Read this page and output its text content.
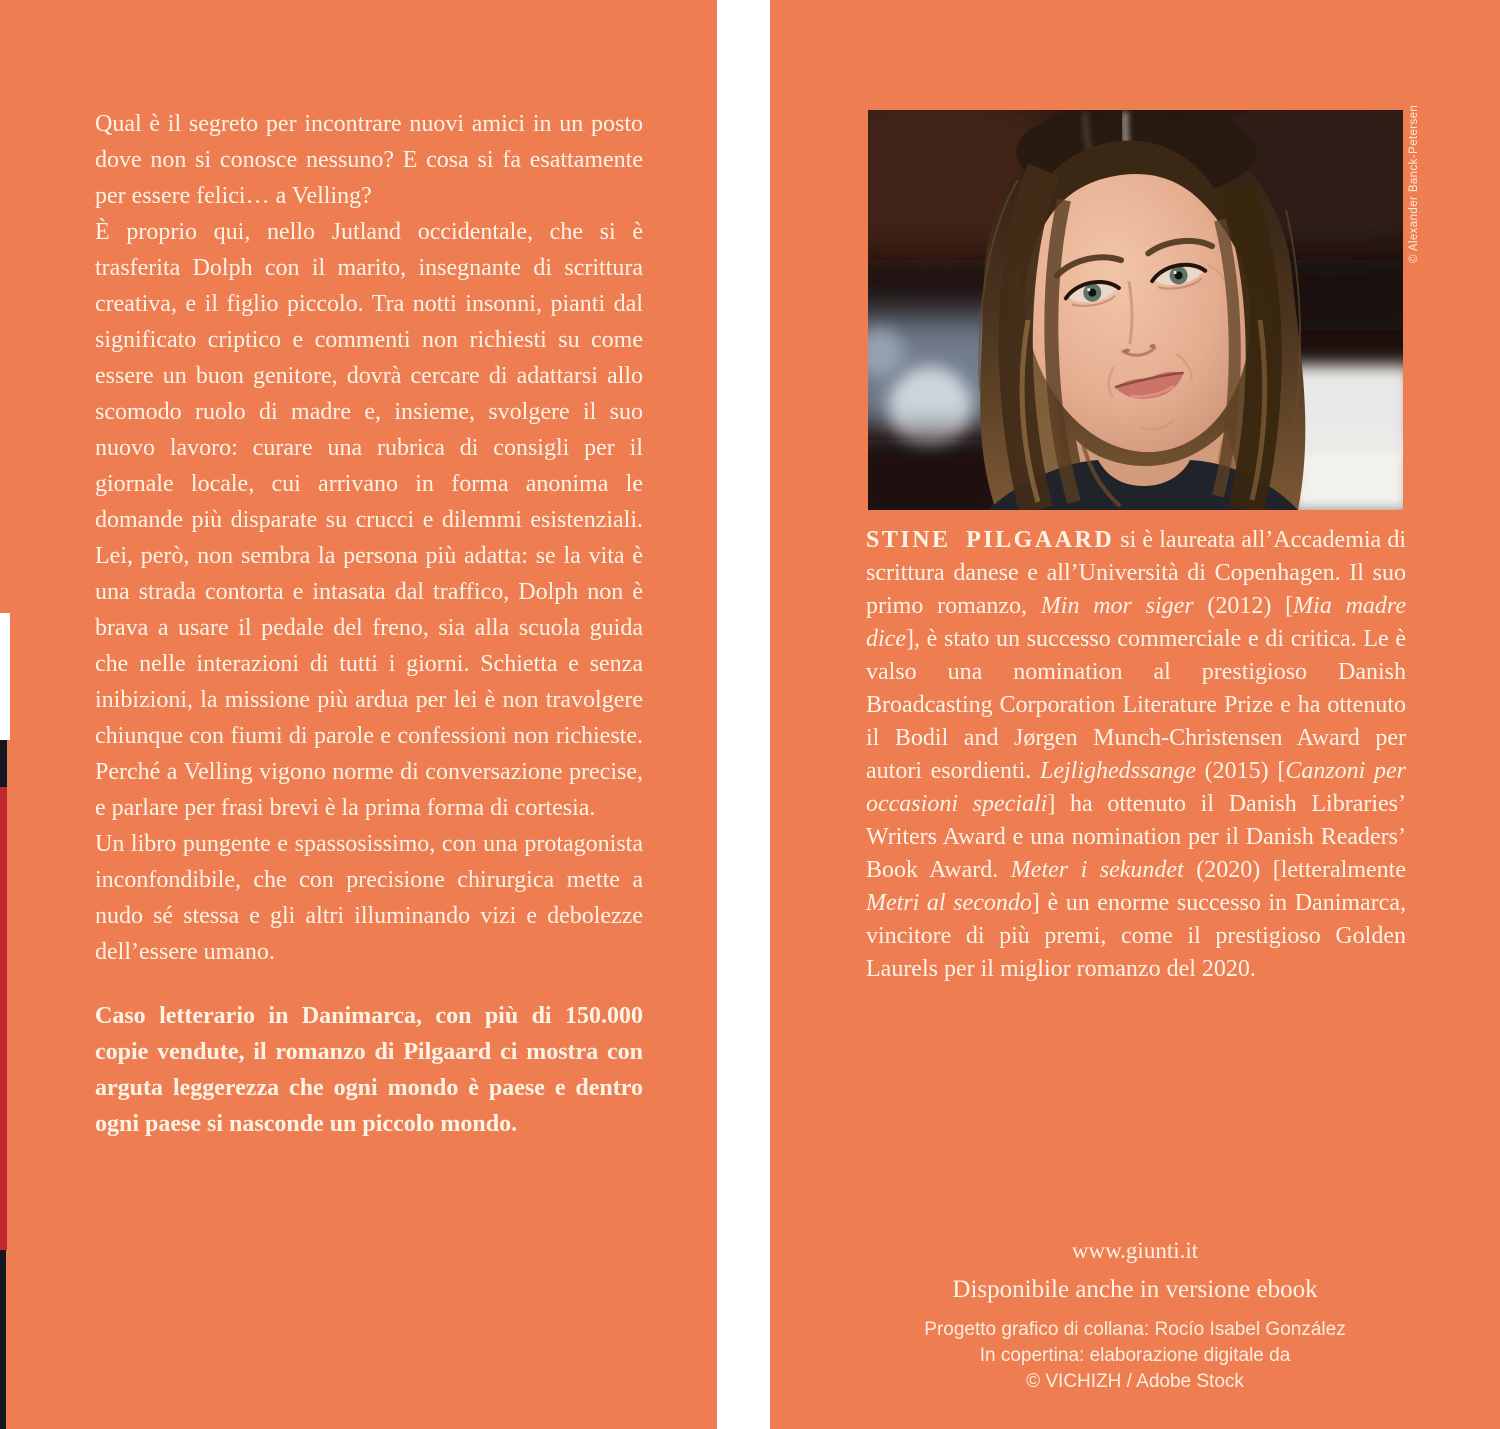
Qual è il segreto per incontrare nuovi amici in un posto dove non si conosce nessuno? E cosa si fa esattamente per essere felici… a Velling?

È proprio qui, nello Jutland occidentale, che si è trasferita Dolph con il marito, insegnante di scrittura creativa, e il figlio piccolo. Tra notti insonni, pianti dal significato criptico e commenti non richiesti su come essere un buon genitore, dovrà cercare di adattarsi allo scomodo ruolo di madre e, insieme, svolgere il suo nuovo lavoro: curare una rubrica di consigli per il giornale locale, cui arrivano in forma anonima le domande più disparate su crucci e dilemmi esistenziali. Lei, però, non sembra la persona più adatta: se la vita è una strada contorta e intasata dal traffico, Dolph non è brava a usare il pedale del freno, sia alla scuola guida che nelle interazioni di tutti i giorni. Schietta e senza inibizioni, la missione più ardua per lei è non travolgere chiunque con fiumi di parole e confessioni non richieste. Perché a Velling vigono norme di conversazione precise, e parlare per frasi brevi è la prima forma di cortesia.

Un libro pungente e spassosissimo, con una protagonista inconfondibile, che con precisione chirurgica mette a nudo sé stessa e gli altri illuminando vizi e debolezze dell’essere umano.

Caso letterario in Danimarca, con più di 150.000 copie vendute, il romanzo di Pilgaard ci mostra con arguta leggerezza che ogni mondo è paese e dentro ogni paese si nasconde un piccolo mondo.

© Alexander Banck-Petersen

STINE PILGAARD si è laureata all’Accademia di scrittura danese e all’Università di Copenhagen. Il suo primo romanzo, Min mor siger (2012) [Mia madre dice], è stato un successo commerciale e di critica. Le è valso una nomination al prestigioso Danish Broadcasting Corporation Literature Prize e ha ottenuto il Bodil and Jørgen Munch-Christensen Award per autori esordienti. Lejlighedssange (2015) [Canzoni per occasioni speciali] ha ottenuto il Danish Libraries’ Writers Award e una nomination per il Danish Readers’ Book Award. Meter i sekundet (2020) [letteralmente Metri al secondo] è un enorme successo in Danimarca, vincitore di più premi, come il prestigioso Golden Laurels per il miglior romanzo del 2020.

www.giunti.it
Disponibile anche in versione ebook
Progetto grafico di collana: Rocío Isabel González
In copertina: elaborazione digitale da
© VICHIZH / Adobe Stock
